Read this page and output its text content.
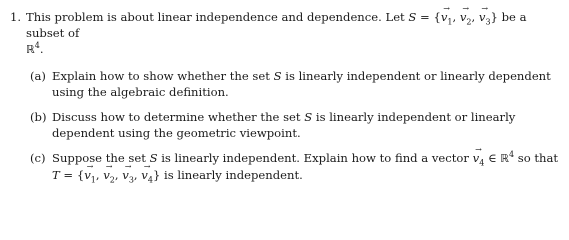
1. This problem is about linear independence and dependence. Let S = {→ $v_1$, → $v_2$, → $v_3$} be a subset of
ℝ$^4$.
(a) Explain how to show whether the set S is linearly independent or linearly dependent using the algebraic definition.
(b) Discuss how to determine whether the set S is linearly independent or linearly dependent using the geometric viewpoint.
(c) Suppose the set S is linearly independent. Explain how to find a vector → $v_4$ ∈ ℝ$^4$ so that
T = {→ $v_1$, → $v_2$, → $v_3$, → $v_4$} is linearly independent.
